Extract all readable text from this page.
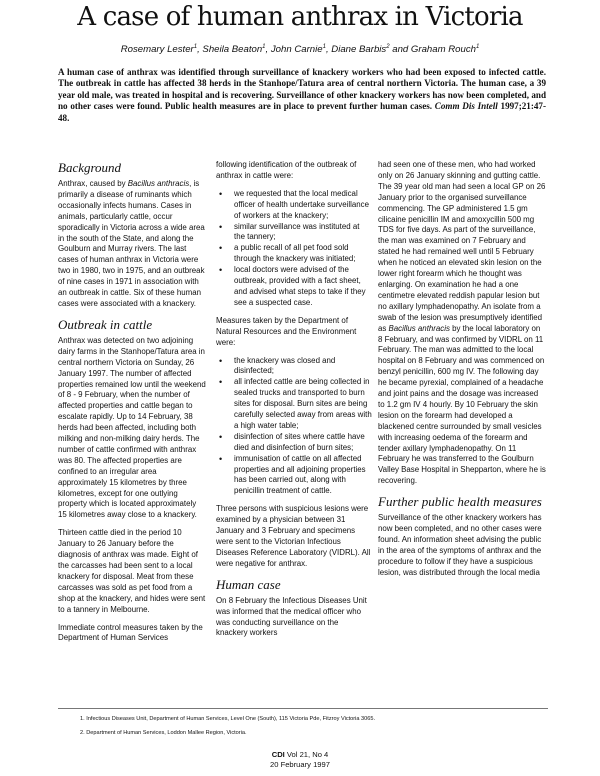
A case of human anthrax in Victoria
Rosemary Lester$^1$, Sheila Beaton$^1$, John Carnie$^1$, Diane Barbis$^2$ and Graham Rouch$^1$
A human case of anthrax was identified through surveillance of knackery workers who had been exposed to infected cattle. The outbreak in cattle has affected 38 herds in the Stanhope/Tatura area of central northern Victoria. The human case, a 39 year old male, was treated in hospital and is recovering. Surveillance of other knackery workers has now been completed, and no other cases were found. Public health measures are in place to prevent further human cases. Comm Dis Intell 1997;21:47-48.
Background

Anthrax, caused by Bacillus anthracis, is primarily a disease of ruminants which occasionally infects humans. Cases in animals, particularly cattle, occur sporadically in Victoria across a wide area in the south of the State, and along the Goulburn and Murray rivers. The last cases of human anthrax in Victoria were two in 1980, two in 1975, and an outbreak of nine cases in 1971 in association with an outbreak in cattle. Six of these human cases were associated with a knackery.

Outbreak in cattle

Anthrax was detected on two adjoining dairy farms in the Stanhope/Tatura area in central northern Victoria on Sunday, 26 January 1997. The number of affected properties remained low until the weekend of 8 - 9 February, when the number of affected properties and cattle began to escalate rapidly. Up to 14 February, 38 herds had been affected, including both milking and non-milking dairy herds. The number of cattle confirmed with anthrax was 80. The affected properties are confined to an irregular area approximately 15 kilometres by three kilometres, except for one outlying property which is located approximately 15 kilometres away close to a knackery.

Thirteen cattle died in the period 10 January to 26 January before the diagnosis of anthrax was made. Eight of the carcasses had been sent to a local knackery for disposal. Meat from these carcasses was sold as pet food from a shop at the knackery, and hides were sent to a tannery in Melbourne.

Immediate control measures taken by the Department of Human Services

following identification of the outbreak of anthrax in cattle were:

• we requested that the local medical officer of health undertake surveillance of workers at the knackery;
• similar surveillance was instituted at the tannery;
• a public recall of all pet food sold through the knackery was initiated;
• local doctors were advised of the outbreak, provided with a fact sheet, and advised what steps to take if they see a suspected case.

Measures taken by the Department of Natural Resources and the Environment were:

• the knackery was closed and disinfected;
• all infected cattle are being collected in sealed trucks and transported to burn sites for disposal. Burn sites are being carefully selected away from areas with a high water table;
• disinfection of sites where cattle have died and disinfection of burn sites;
• immunisation of cattle on all affected properties and all adjoining properties has been carried out, along with penicillin treatment of cattle.

Three persons with suspicious lesions were examined by a physician between 31 January and 3 February and specimens were sent to the Victorian Infectious Diseases Reference Laboratory (VIDRL). All were negative for anthrax.

Human case

On 8 February the Infectious Diseases Unit was informed that the medical officer who was conducting surveillance on the knackery workers

had seen one of these men, who had worked only on 26 January skinning and gutting cattle. The 39 year old man had seen a local GP on 26 January prior to the organised surveillance commencing. The GP administered 1.5 gm cilicaine penicillin IM and amoxycillin 500 mg TDS for five days. As part of the surveillance, the man was examined on 7 February and stated he had remained well until 5 February when he noticed an elevated skin lesion on the lower right forearm which he thought was enlarging. On examination he had a one centimetre elevated reddish papular lesion but no axillary lymphadenopathy. An isolate from a swab of the lesion was presumptively identified as Bacillus anthracis by the local laboratory on 8 February, and was confirmed by VIDRL on 11 February. The man was admitted to the local hospital on 8 February and was commenced on benzyl penicillin, 600 mg IV. The following day he became pyrexial, complained of a headache and joint pains and the dosage was increased to 1.2 gm IV 4 hourly. By 10 February the skin lesion on the forearm had developed a blackened centre surrounded by small vesicles with increasing oedema of the forearm and tender axillary lymphadenopathy. On 11 February he was transferred to the Goulburn Valley Base Hospital in Shepparton, where he is recovering.

Further public health measures

Surveillance of the other knackery workers has now been completed, and no other cases were found. An information sheet advising the public in the area of the symptoms of anthrax and the procedure to follow if they have a suspicious lesion, was distributed through the local media

1. Infectious Diseases Unit, Department of Human Services, Level One (South), 115 Victoria Pde, Fitzroy Victoria 3065.
2. Department of Human Services, Loddon Mallee Region, Victoria.
CDI Vol 21, No 4
20 February 1997
